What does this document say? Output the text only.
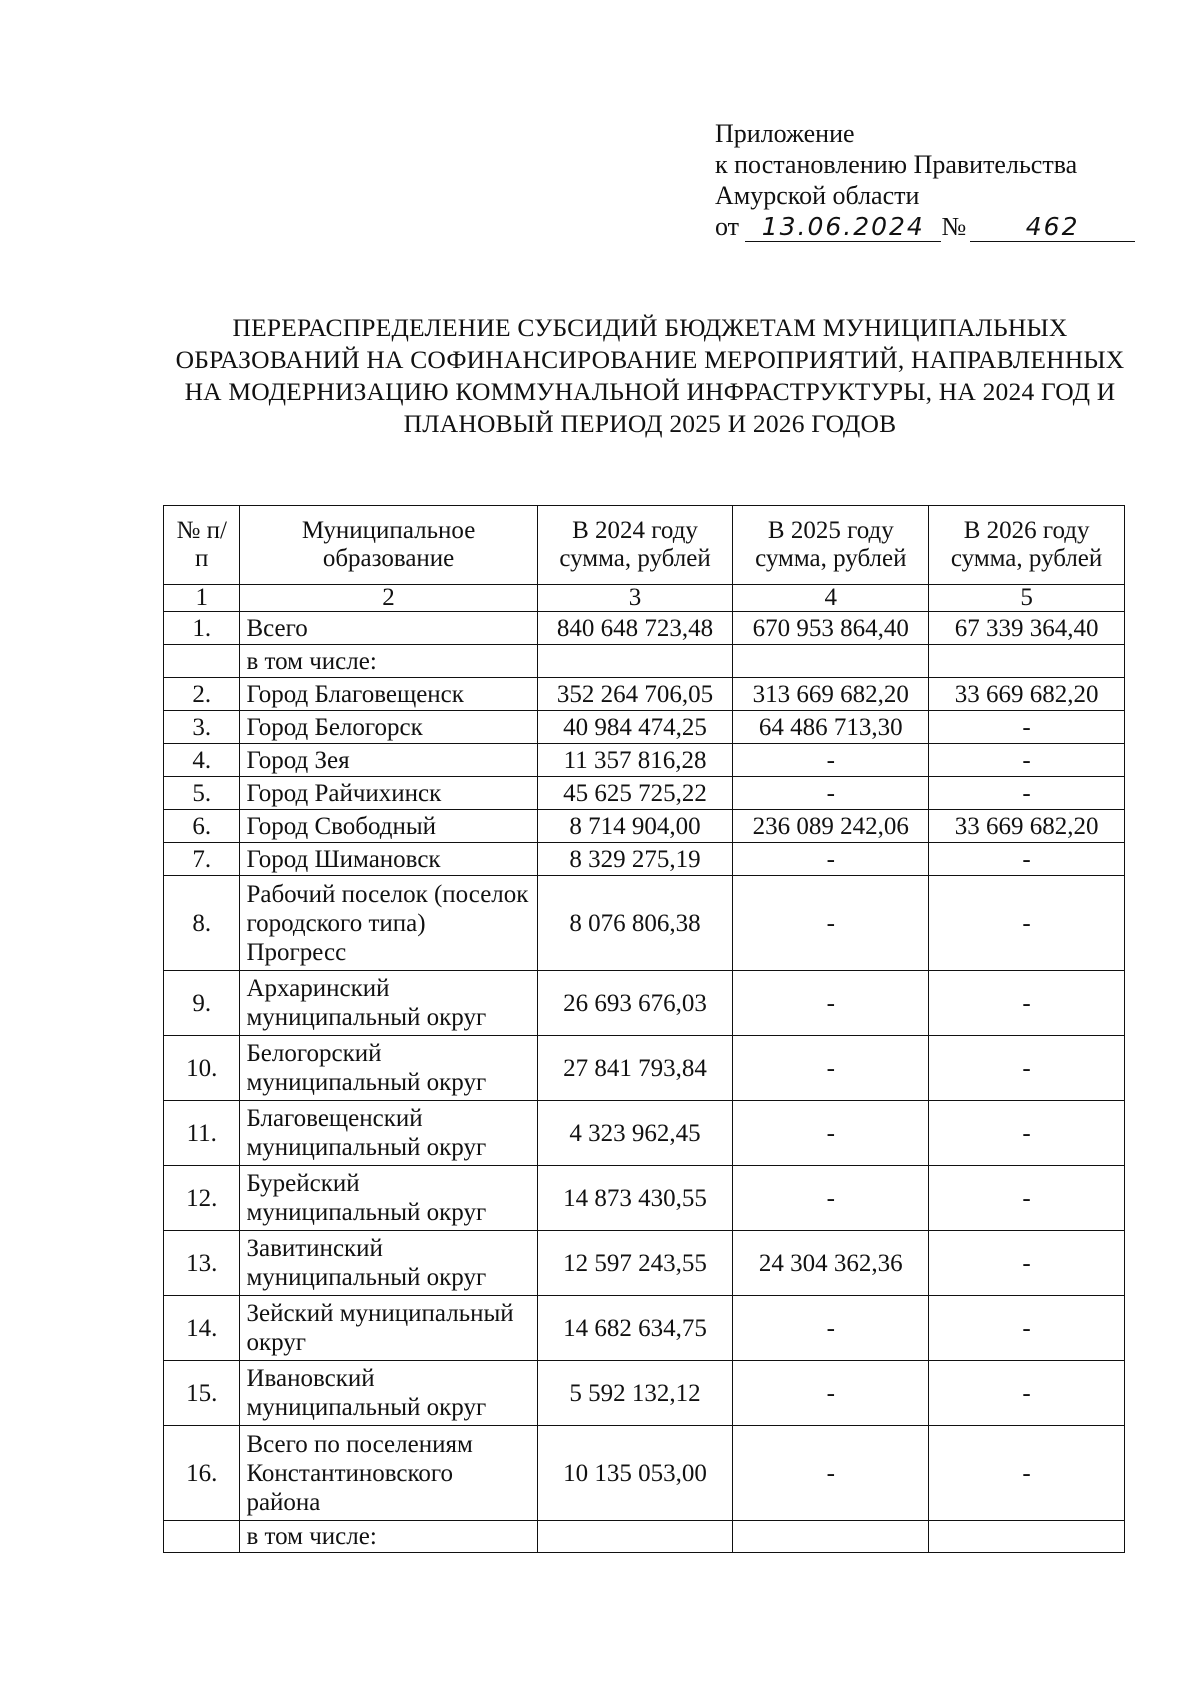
Приложение
к постановлению Правительства
Амурской области
от 13.06.2024 №	462
ПЕРЕРАСПРЕДЕЛЕНИЕ СУБСИДИЙ БЮДЖЕТАМ МУНИЦИПАЛЬНЫХ ОБРАЗОВАНИЙ НА СОФИНАНСИРОВАНИЕ МЕРОПРИЯТИЙ, НАПРАВЛЕННЫХ НА МОДЕРНИЗАЦИЮ КОММУНАЛЬНОЙ ИНФРАСТРУКТУРЫ, НА 2024 ГОД И ПЛАНОВЫЙ ПЕРИОД 2025 И 2026 ГОДОВ
№ п/п	Муниципальное образование	В 2024 году сумма, рублей	В 2025 году сумма, рублей	В 2026 году сумма, рублей
1	2	3	4	5
1.	Всего	840 648 723,48	670 953 864,40	67 339 364,40
	в том числе:			
2.	Город Благовещенск	352 264 706,05	313 669 682,20	33 669 682,20
3.	Город Белогорск	40 984 474,25	64 486 713,30	-
4.	Город Зея	11 357 816,28	-	-
5.	Город Райчихинск	45 625 725,22	-	-
6.	Город Свободный	8 714 904,00	236 089 242,06	33 669 682,20
7.	Город Шимановск	8 329 275,19	-	-
8.	Рабочий поселок (поселок городского типа) Прогресс	8 076 806,38	-	-
9.	Архаринский муниципальный округ	26 693 676,03	-	-
10.	Белогорский муниципальный округ	27 841 793,84	-	-
11.	Благовещенский муниципальный округ	4 323 962,45	-	-
12.	Бурейский муниципальный округ	14 873 430,55	-	-
13.	Завитинский муниципальный округ	12 597 243,55	24 304 362,36	-
14.	Зейский муниципальный округ	14 682 634,75	-	-
15.	Ивановский муниципальный округ	5 592 132,12	-	-
16.	Всего по поселениям Константиновского района	10 135 053,00	-	-
	в том числе:			
